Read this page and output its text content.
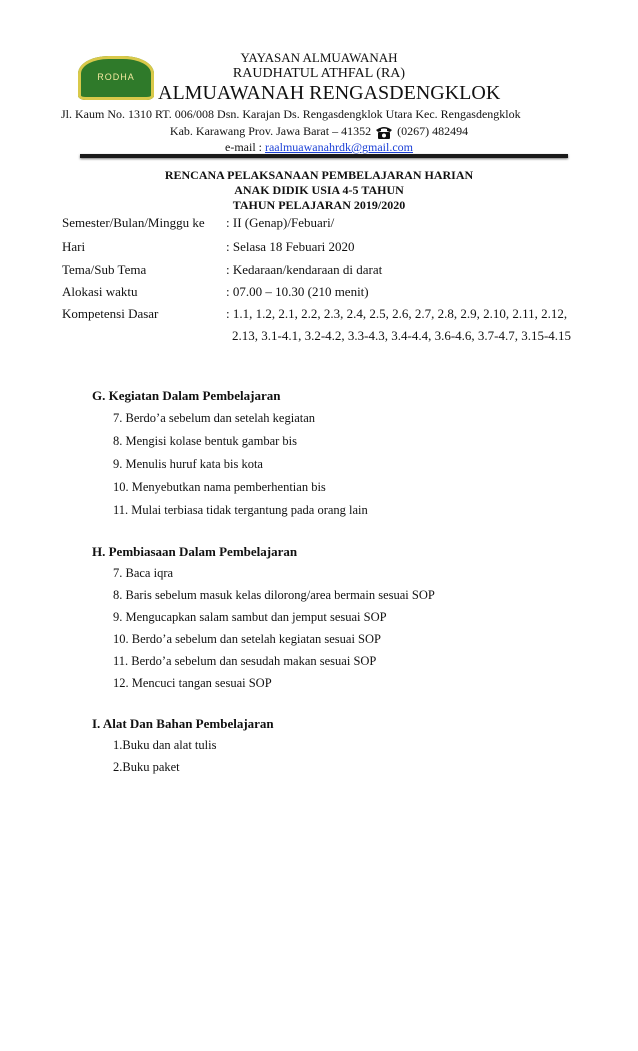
RODHA
YAYASAN ALMUAWANAH
RAUDHATUL ATHFAL (RA)
ALMUAWANAH RENGASDENGKLOK
Jl. Kaum No. 1310 RT. 006/008 Dsn. Karajan Ds. Rengasdengklok Utara Kec. Rengasdengklok
Kab. Karawang Prov. Jawa Barat – 41352 (0267) 482494
e-mail : raalmuawanahrdk@gmail.com
RENCANA PELAKSANAAN PEMBELAJARAN HARIAN
ANAK DIDIK USIA 4-5 TAHUN
TAHUN PELAJARAN 2019/2020
Semester/Bulan/Minggu ke : II (Genap)/Febuari/
Hari	: Selasa 18 Febuari 2020
Tema/Sub Tema	: Kedaraan/kendaraan di darat
Alokasi waktu	: 07.00 – 10.30 (210 menit)
Kompetensi Dasar	: 1.1, 1.2, 2.1, 2.2, 2.3, 2.4, 2.5, 2.6, 2.7, 2.8, 2.9, 2.10, 2.11, 2.12,
2.13, 3.1-4.1, 3.2-4.2, 3.3-4.3, 3.4-4.4, 3.6-4.6, 3.7-4.7, 3.15-4.15
G. Kegiatan Dalam Pembelajaran
7. Berdo’a sebelum dan setelah kegiatan
8. Mengisi kolase bentuk gambar bis
9. Menulis huruf kata bis kota
10. Menyebutkan nama pemberhentian bis
11. Mulai terbiasa tidak tergantung pada orang lain
H. Pembiasaan Dalam Pembelajaran
7. Baca iqra
8. Baris sebelum masuk kelas dilorong/area bermain sesuai SOP
9. Mengucapkan salam sambut dan jemput sesuai SOP
10. Berdo’a sebelum dan setelah kegiatan sesuai SOP
11. Berdo’a sebelum dan sesudah makan sesuai SOP
12. Mencuci tangan sesuai SOP
I. Alat Dan Bahan Pembelajaran
1.Buku dan alat tulis
2.Buku paket
